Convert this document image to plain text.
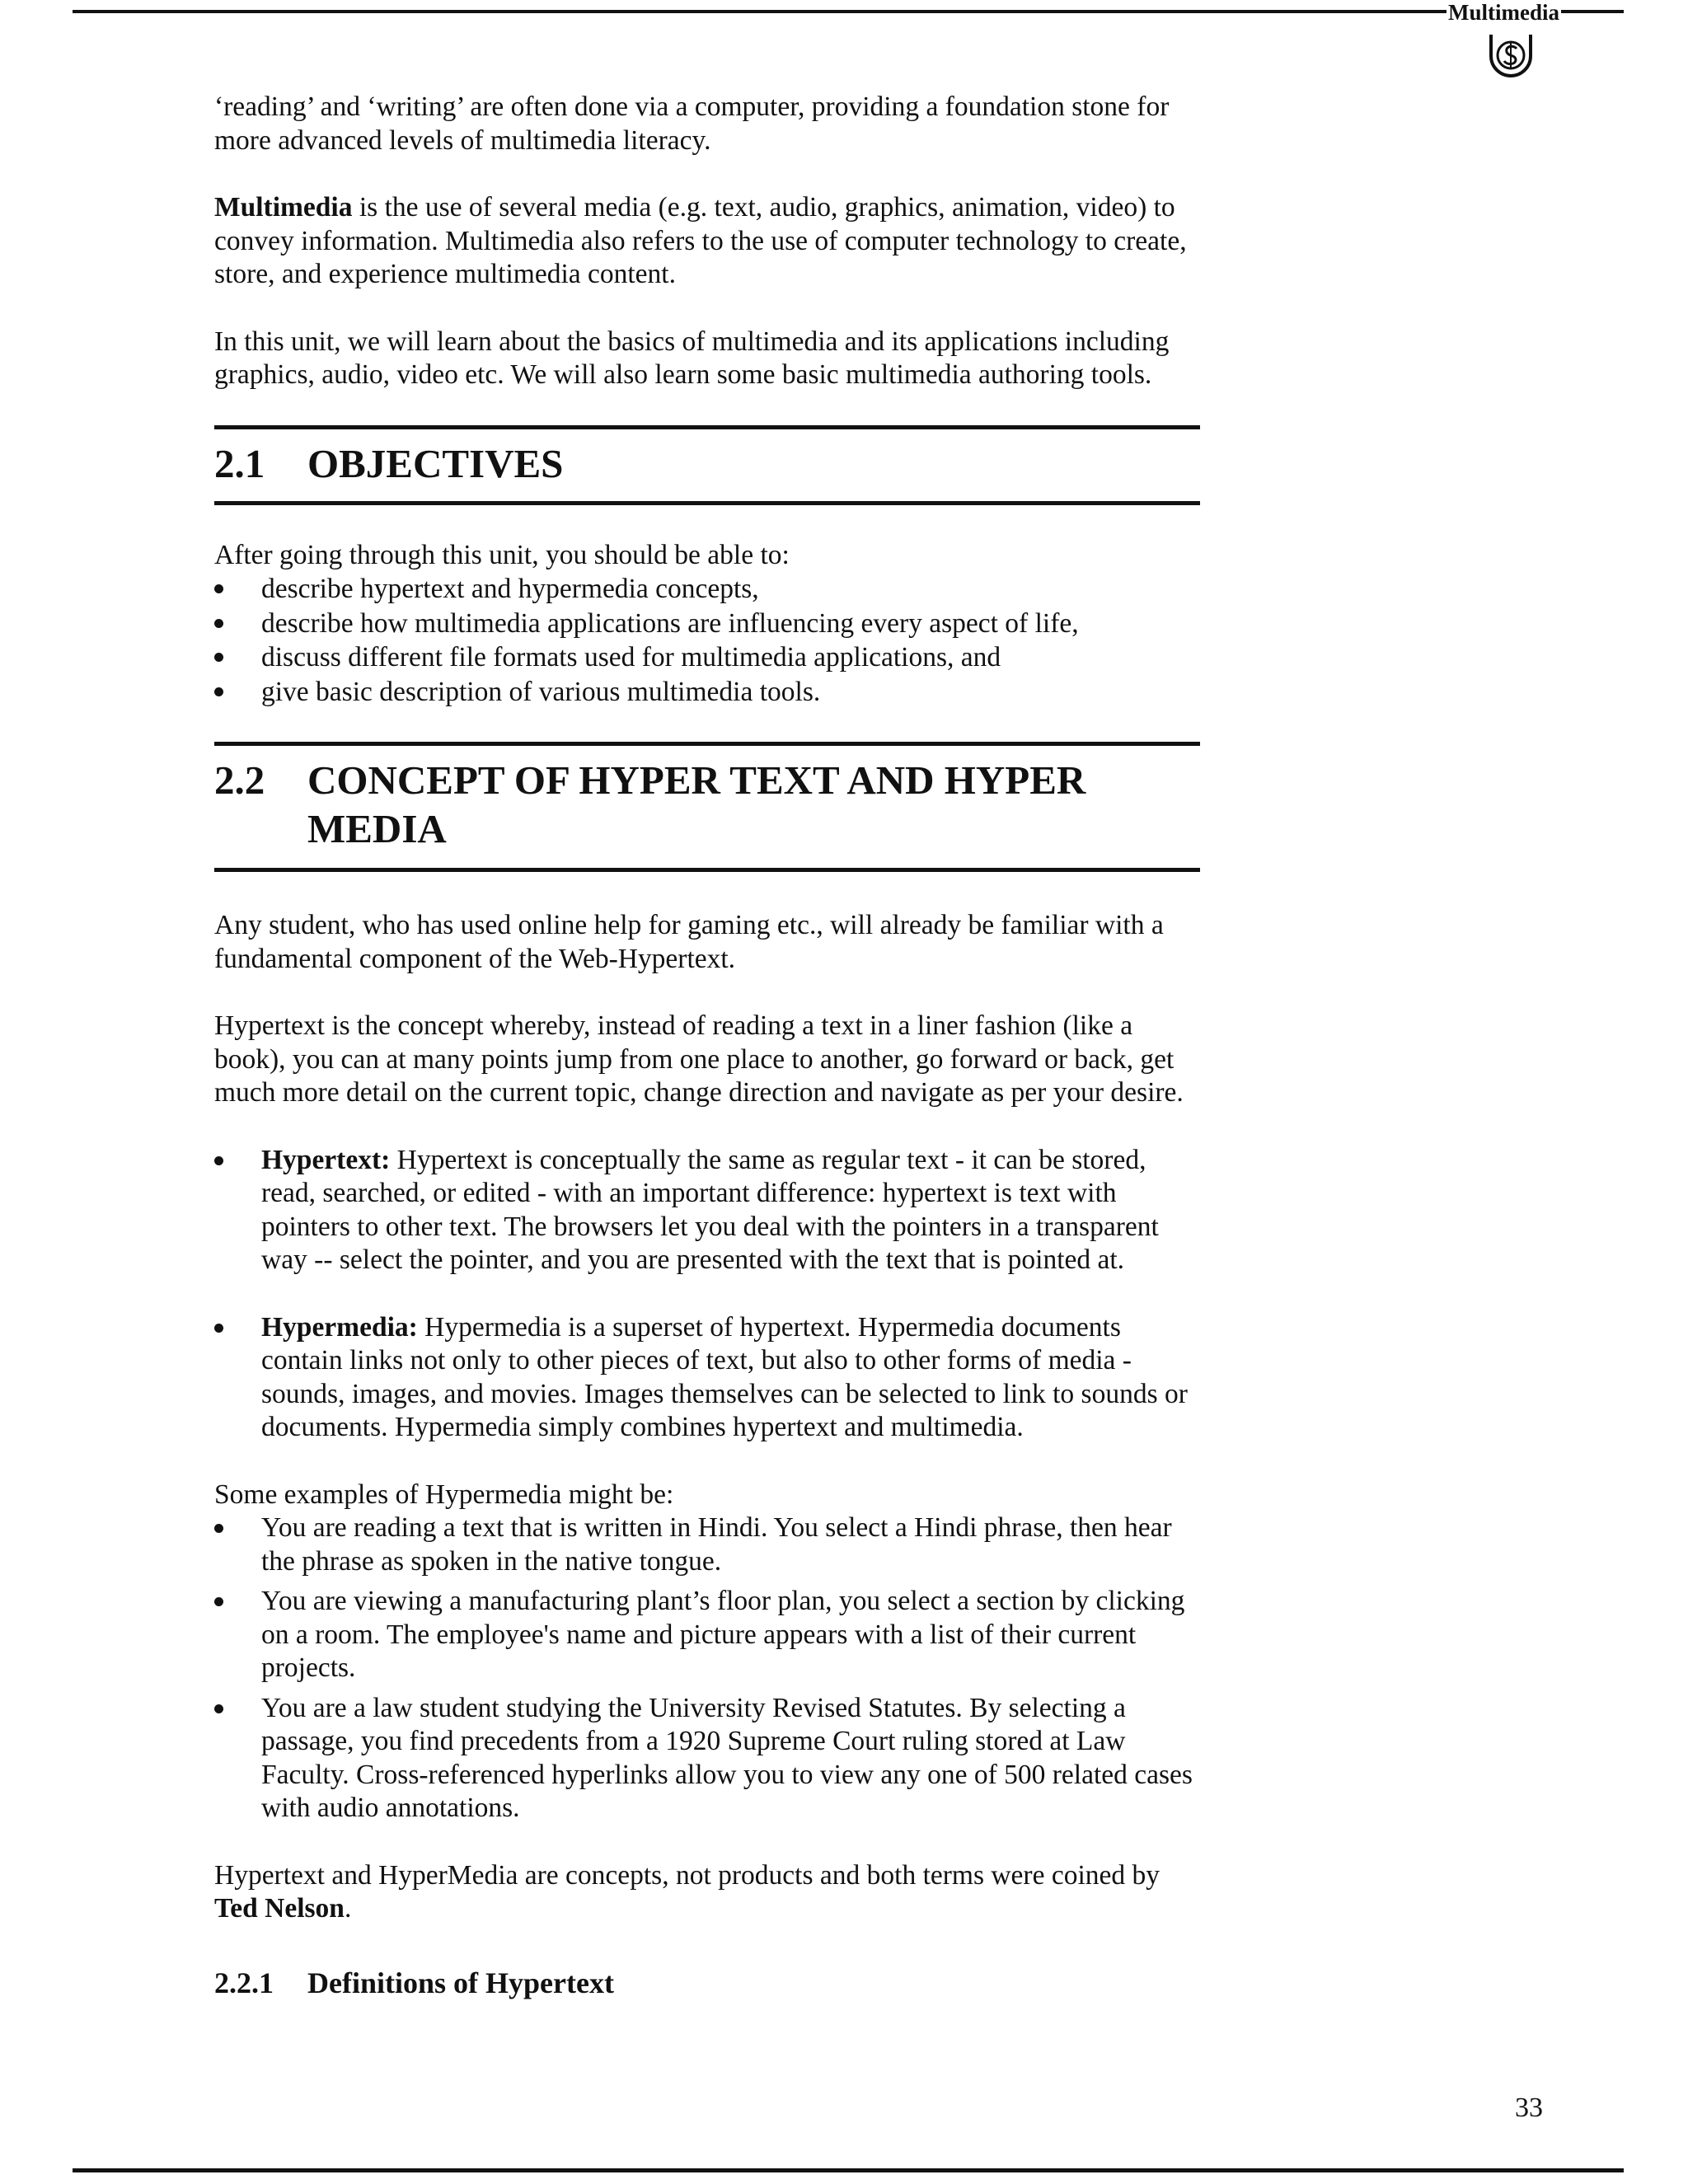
Multimedia

‘reading’ and ‘writing’ are often done via a computer, providing a foundation stone for more advanced levels of multimedia literacy.

Multimedia is the use of several media (e.g. text, audio, graphics, animation, video) to convey information. Multimedia also refers to the use of computer technology to create, store, and experience multimedia content.

In this unit, we will learn about the basics of multimedia and its applications including graphics, audio, video etc. We will also learn some basic multimedia authoring tools.

2.1	OBJECTIVES

After going through this unit, you should be able to:

describe hypertext and hypermedia concepts,
describe how multimedia applications are influencing every aspect of life,
discuss different file formats used for multimedia applications, and
give basic description of various multimedia tools.
2.2	CONCEPT OF HYPER TEXT AND HYPER MEDIA

Any student, who has used online help for gaming etc., will already be familiar with a fundamental component of the Web-Hypertext.

Hypertext is the concept whereby, instead of reading a text in a liner fashion (like a book), you can at many points jump from one place to another, go forward or back, get much more detail on the current topic, change direction and navigate as per your desire.

Hypertext: Hypertext is conceptually the same as regular text - it can be stored, read, searched, or edited - with an important difference: hypertext is text with pointers to other text. The browsers let you deal with the pointers in a transparent way -- select the pointer, and you are presented with the text that is pointed at.
Hypermedia: Hypermedia is a superset of hypertext. Hypermedia documents contain links not only to other pieces of text, but also to other forms of media - sounds, images, and movies. Images themselves can be selected to link to sounds or documents. Hypermedia simply combines hypertext and multimedia.

Some examples of Hypermedia might be:

You are reading a text that is written in Hindi. You select a Hindi phrase, then hear the phrase as spoken in the native tongue.
You are viewing a manufacturing plant’s floor plan, you select a section by clicking on a room. The employee's name and picture appears with a list of their current projects.
You are a law student studying the University Revised Statutes. By selecting a passage, you find precedents from a 1920 Supreme Court ruling stored at Law Faculty. Cross-referenced hyperlinks allow you to view any one of 500 related cases with audio annotations.

Hypertext and HyperMedia are concepts, not products and both terms were coined by Ted Nelson.

2.2.1	Definitions of Hypertext
33
